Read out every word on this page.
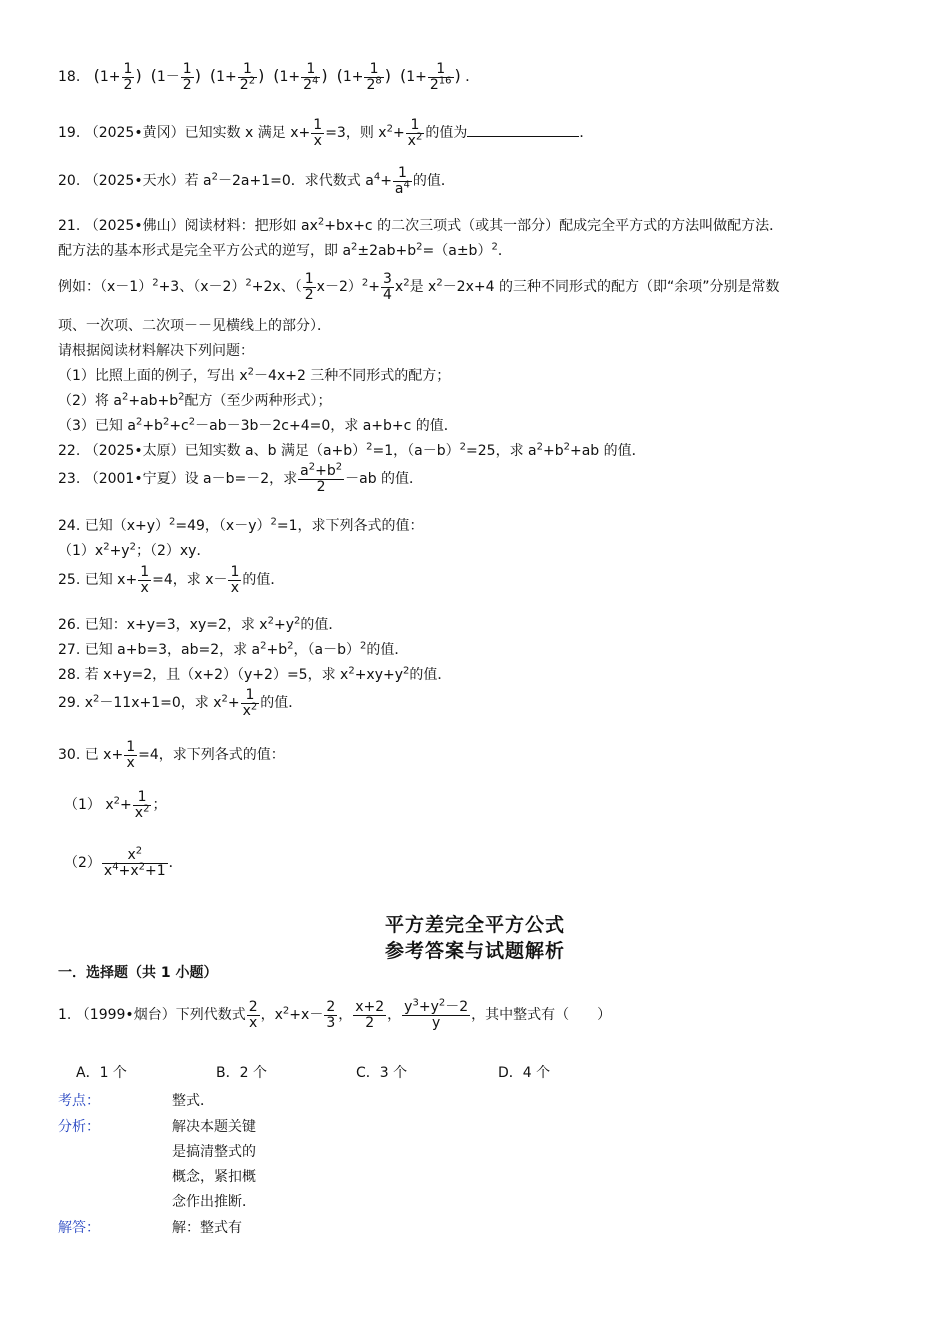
18. ($1+ \frac{1}{2}$ ) ($1- \frac{1}{2}$ ) ($1+ \frac{1}{2^2}$ ) ($1+ \frac{1}{2^4}$ ) ($1+ \frac{1}{2^8}$ ) ($1+ \frac{1}{2^{16}}$ ) ．
19. （2025•黄冈）已知实数 x 满足 $x+ \frac{1}{x} =3$，则 $x^2+ \frac{1}{x^2}$ 的值为	．
20. （2025•天水）若 $a^2-2a+1=0$．求代数式 $a^4+ \frac{1}{a^4}$ 的值．
21. （2025•佛山）阅读材料：把形如 $ax^2+bx+c$ 的二次三项式（或其一部分）配成完全平方式的方法叫做配方法．
配方法的基本形式是完全平方公式的逆写，即 $a^2\pm 2ab+b^2=(a\pm b)^2$．
例如：$(x-1)^2+3$、$(x-2)^2+2x$、（ $\frac{1}{2} x-2)^2+ \frac{3}{4} x^2$是 $x^2-2x+4$ 的三种不同形式的配方（即“余项”分别是常数
项、一次项、二次项－－见横线上的部分）．
请根据阅读材料解决下列问题：
（1）比照上面的例子，写出 $x^2-4x+2$ 三种不同形式的配方；
（2）将 $a^2+ab+b^2$配方（至少两种形式）；
（3）已知 $a^2+b^2+c^2-ab-3b-2c+4=0$，求 a+b+c 的值．
22. （2025•太原）已知实数 a、b 满足$(a+b)^2=1$，$(a-b)^2=25$，求 $a^2+b^2+ab$ 的值．
23. （2001•宁夏）设 a－b=－2，求 $\frac{a^2+b^2}{2} -ab$ 的值．
24. 已知$(x+y)^2=49$，$(x-y)^2=1$，求下列各式的值：
$(1)x^2+y^2$；（2）xy．
25. 已知 $x+ \frac{1}{x} =4$，求 $x- \frac{1}{x}$ 的值．
26. 已知：x+y=3，xy=2，求 $x^2+y^2$的值．
27. 已知 a+b=3，ab=2，求 $a^2+b^2$，$(a-b)^2$的值．
28. 若 x+y=2，且（x+2）（y+2）=5，求 $x^2+xy+y^2$的值．
29. $x^2-11x+1=0$，求 $x^2+ \frac{1}{x^2}$ 的值．
30. 已 $x+ \frac{1}{x} =4$，求下列各式的值：
（1） $x^2+ \frac{1}{x^2}$ ；
$(2) \frac{x^2}{x^4+x^2+1}$ ．
平方差完全平方公式
参考答案与试题解析
一．选择题（共 1 小题）
1. （1999•烟台）下列代数式 $\frac{2}{x}$ ，$x^2+x- \frac{2}{3}$ ， $\frac{x+2}{2}$ ， $\frac{y^3+y^2-2}{y}$ ，其中整式有（　　）
A．1 个	B．2 个	C．3 个	D．4 个
考点：	整式．
分析：	解决本题关键
是搞清整式的
概念，紧扣概
念作出推断．
解答：	解：整式有
